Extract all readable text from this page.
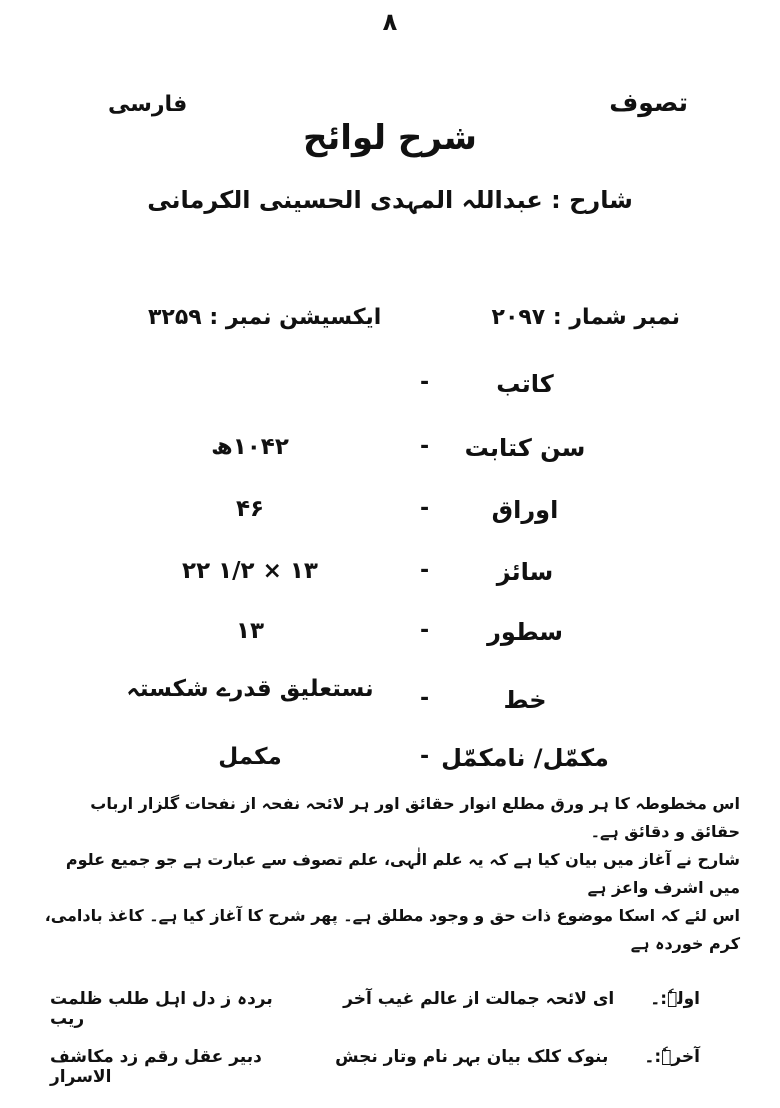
۸
تصوف
فارسی
شرح لوائح
شارح : عبداللہ المہدی الحسینی الکرمانی
نمبر شمار : ۲۰۹۷
ایکسیشن نمبر : ۳۲۵۹
کاتب
-
سن کتابت
-
۱۰۴۲ھ
اوراق
-
۴۶
سائز
-
۲۲ ۱/۲ × ۱۳
سطور
-
۱۳
خط
-
نستعلیق قدرے شکستہ
مکمّل/ نامکمّل
-
مکمل
اس مخطوطہ کا ہر ورق مطلع انوار حقائق اور ہر لائحہ نفحہ از نفحات گلزار ارباب حقائق و دقائق ہے۔
شارح نے آغاز میں بیان کیا ہے کہ یہ علم الٰہی، علم تصوف سے عبارت ہے جو جمیع علوم میں اشرف واعز ہے
اس لئے کہ اسکا موضوع ذات حق و وجود مطلق ہے۔ پھر شرح کا آغاز کیا ہے۔ کاغذ بادامی، کرم خوردہ ہے
اولہٗ:۔
ای لائحہ جمالت از عالم غیب آخر
بردہ ز دل اہل طلب ظلمت ریب
آخرہٗ:۔
بنوک کلک بیان بہر نام وتار نجش
دبیر عقل رقم زد مکاشف الاسرار
